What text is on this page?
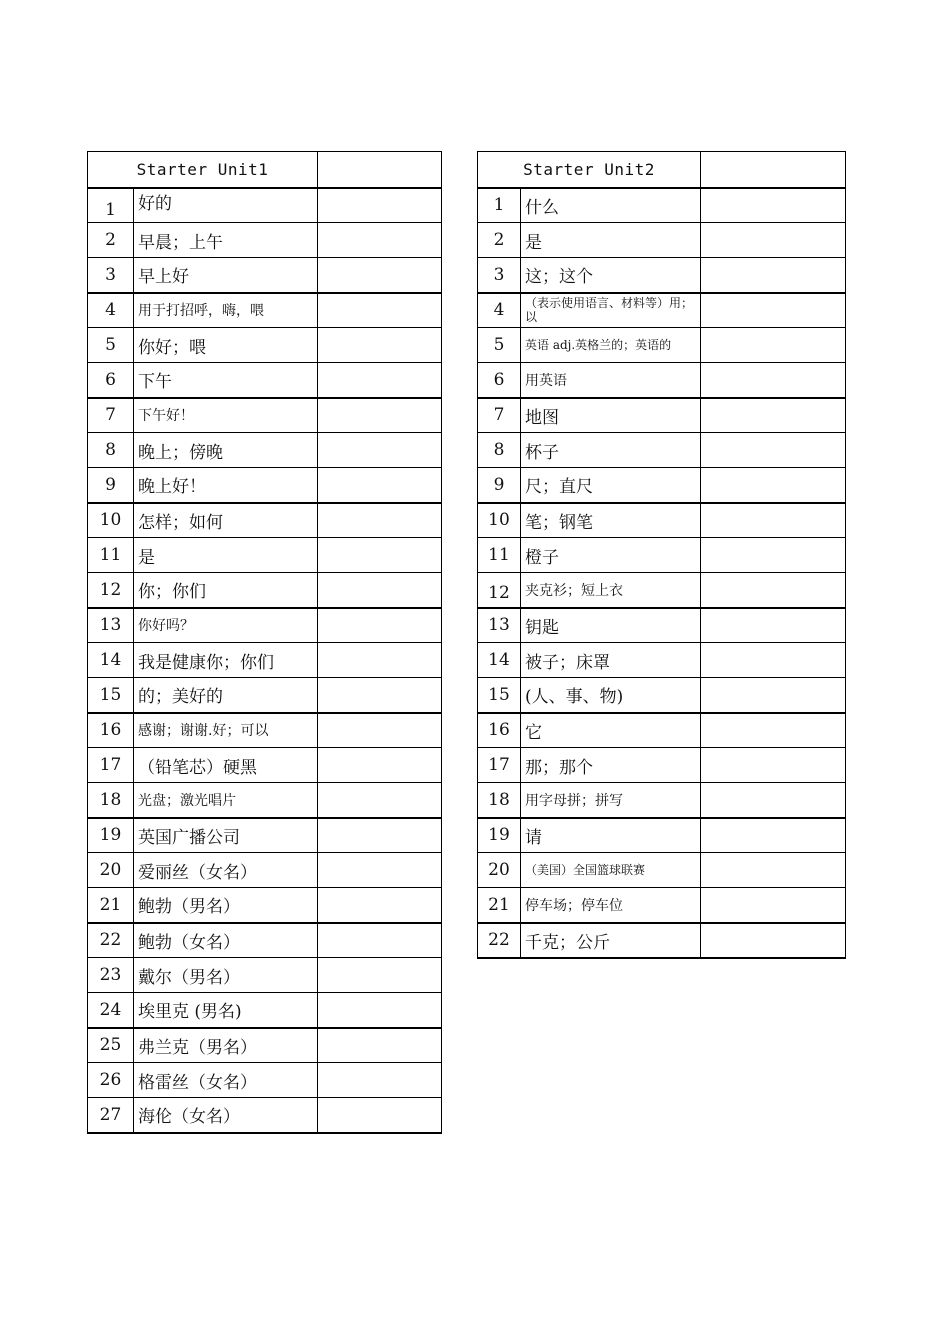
Starter Unit1		
1	好的	
2	早晨；上午	
3	早上好	
4	用于打招呼，嗨，喂	
5	你好；喂	
6	下午	
7	下午好！	
8	晚上；傍晚	
9	晚上好！	
10	怎样；如何	
11	是	
12	你；你们	
13	你好吗？	
14	我是健康你；你们	
15	的；美好的	
16	感谢；谢谢.好；可以	
17	（铅笔芯）硬黑	
18	光盘；激光唱片	
19	英国广播公司	
20	爱丽丝（女名）	
21	鲍勃（男名）	
22	鲍勃（女名）	
23	戴尔（男名）	
24	埃里克 (男名)	
25	弗兰克（男名）	
26	格雷丝（女名）	
27	海伦（女名）	
Starter Unit2		
1	什么	
2	是	
3	这；这个	
4	（表示使用语言、材料等）用；以	
5	英语 adj.英格兰的；英语的	
6	用英语	
7	地图	
8	杯子	
9	尺；直尺	
10	笔；钢笔	
11	橙子	
12	夹克衫；短上衣	
13	钥匙	
14	被子；床罩	
15	(人、事、物)	
16	它	
17	那；那个	
18	用字母拼；拼写	
19	请	
20	（美国）全国篮球联赛	
21	停车场；停车位	
22	千克；公斤	
